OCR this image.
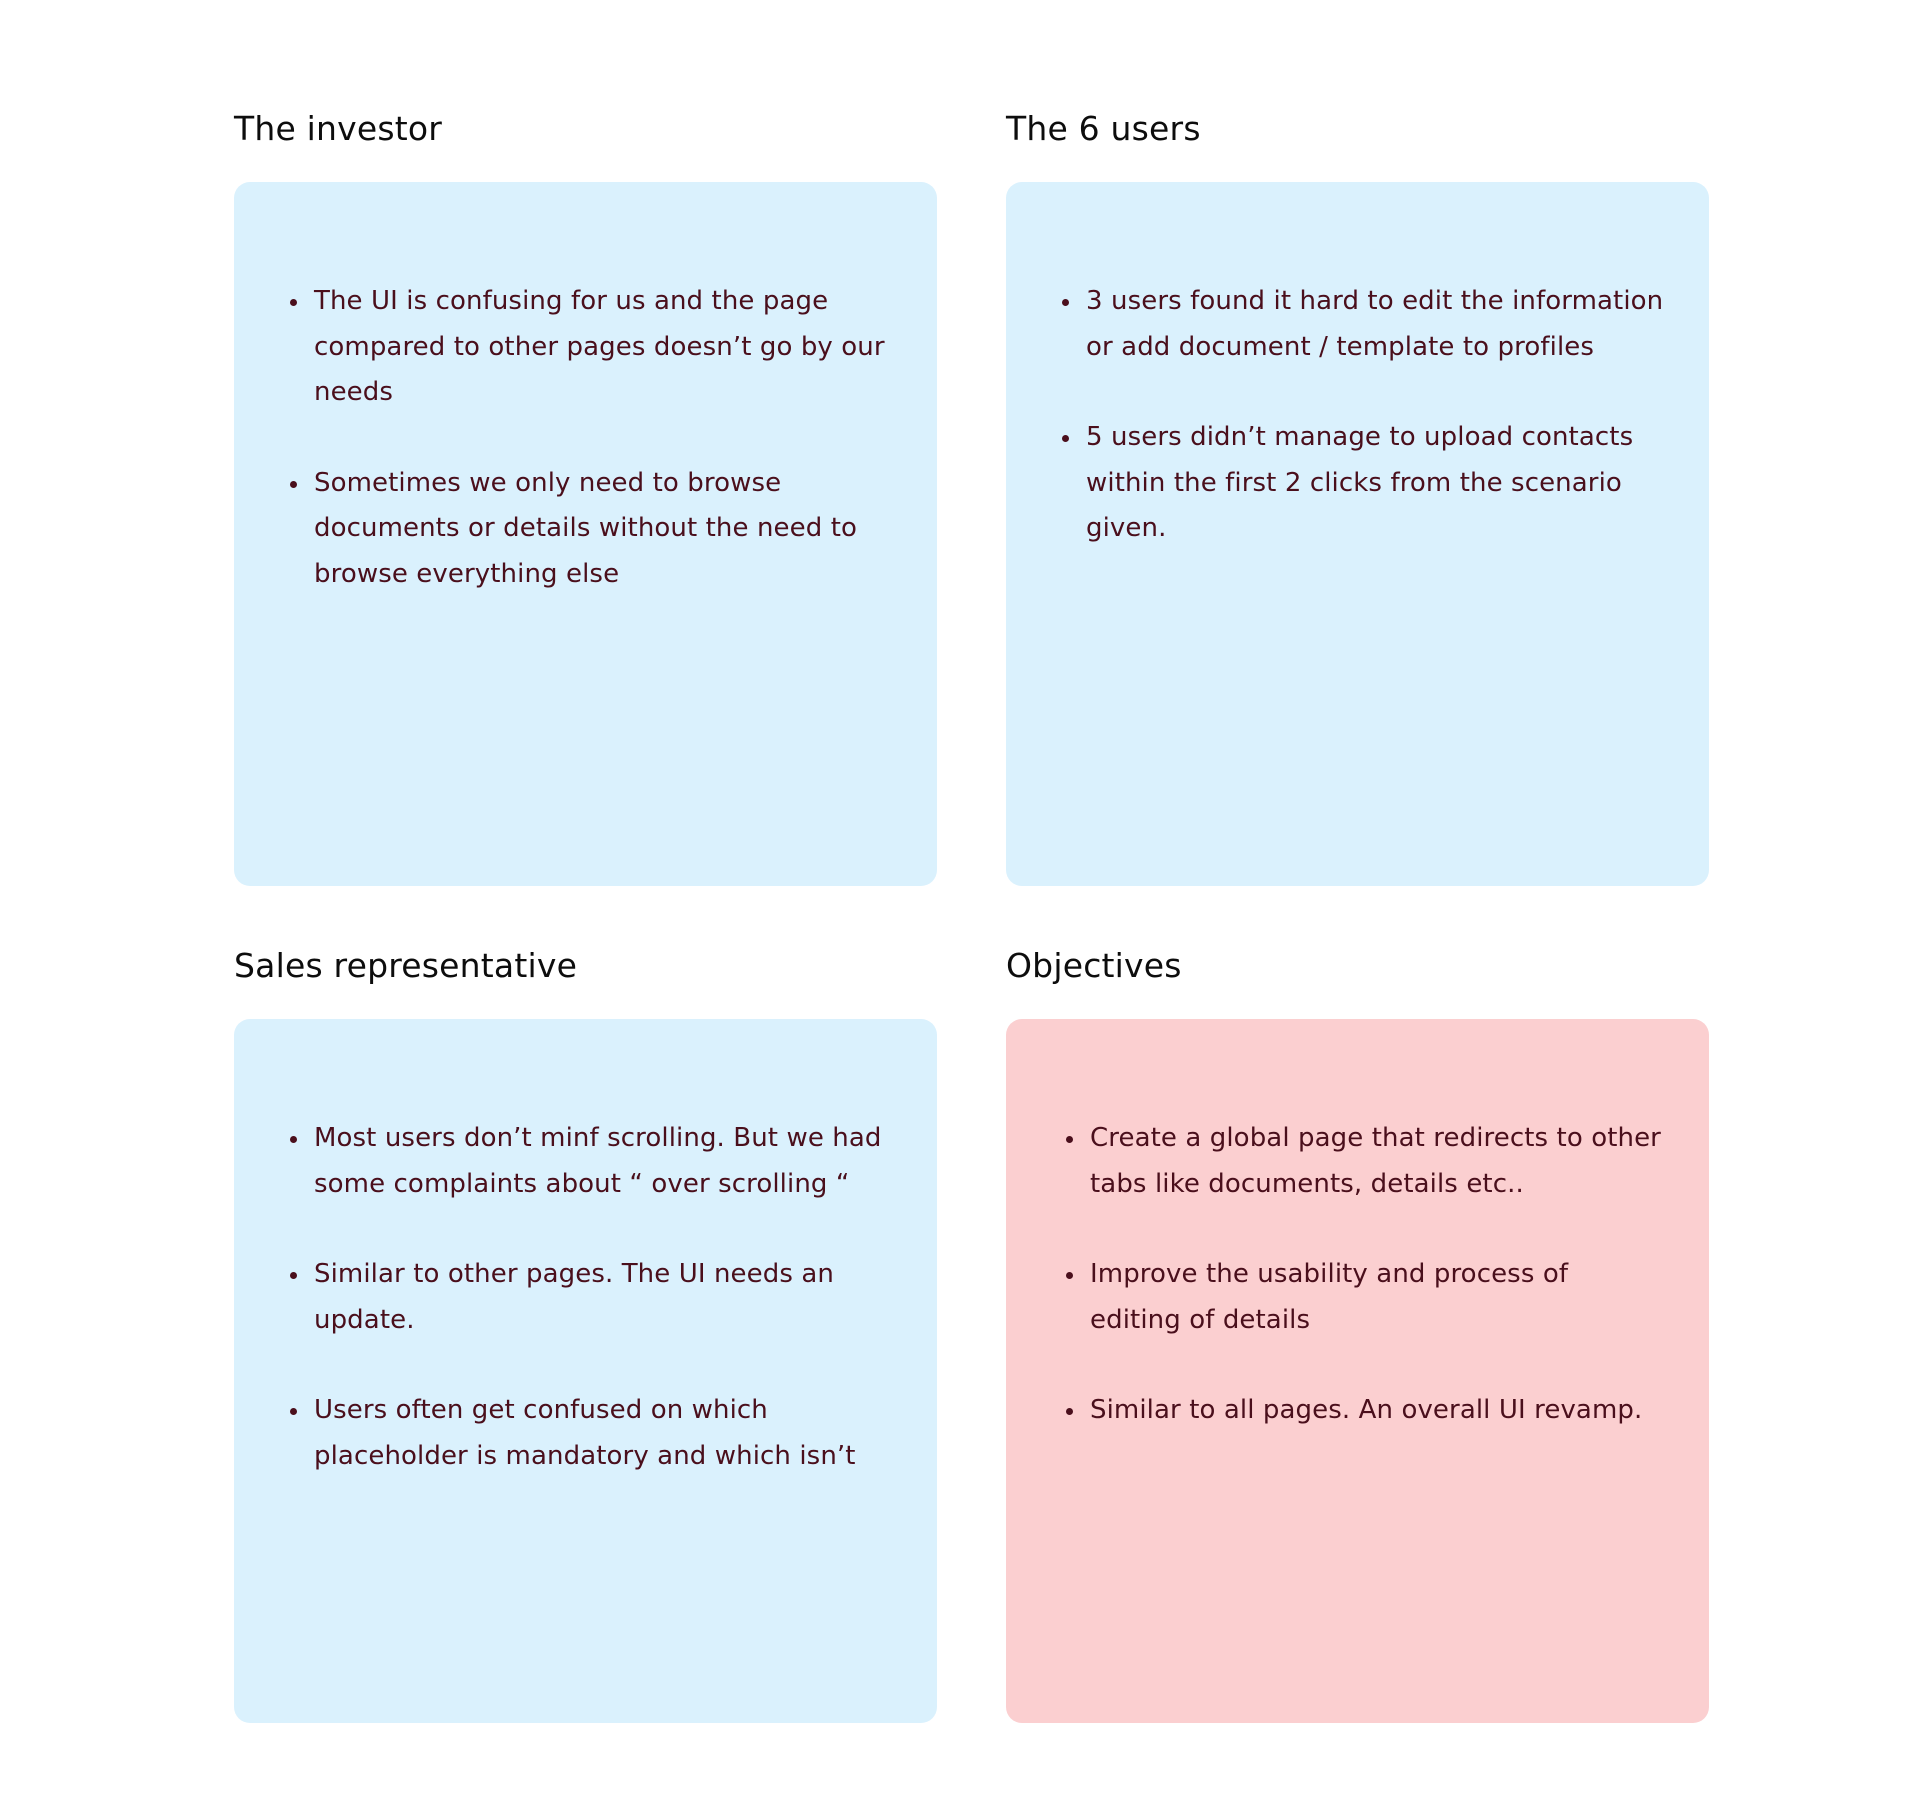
The investor
The UI is confusing for us and the page compared to other pages doesn’t go by our needs
Sometimes we only need to browse documents or details without the need to browse everything else
The 6 users
3 users found it hard to edit the information or add document / template to profiles
5 users didn’t manage to upload contacts within the first 2 clicks from the scenario given.
Sales representative
Most users don’t minf scrolling. But we had some complaints about “ over scrolling “
Similar to other pages. The UI needs an update.
Users often get confused on which placeholder is mandatory and which isn’t
Objectives
Create a global page that redirects to other tabs like documents, details etc..
Improve the usability and process of editing of details
Similar to all pages. An overall UI revamp.
